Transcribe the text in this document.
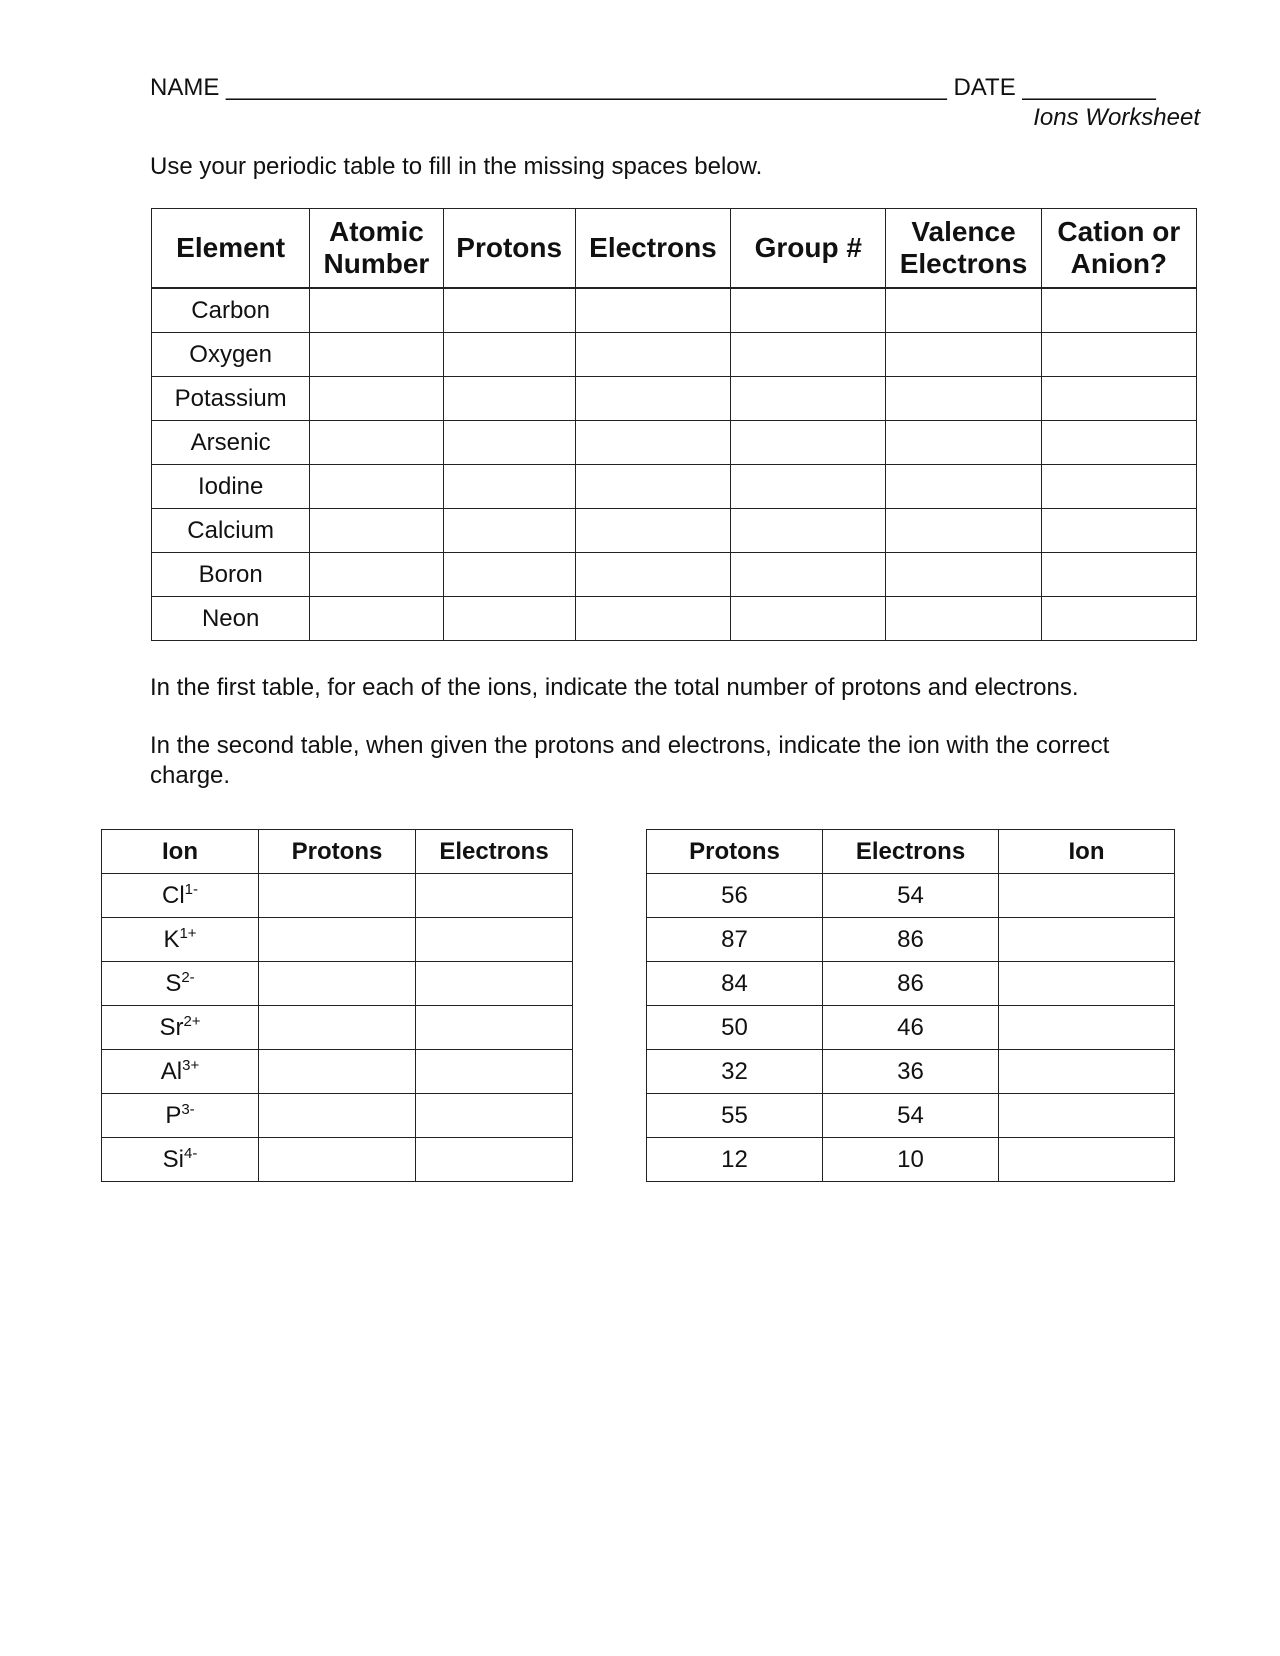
NAME ______________________________________________________ DATE __________
Ions Worksheet
Use your periodic table to fill in the missing spaces below.
Element	Atomic Number	Protons	Electrons	Group #	Valence Electrons	Cation or Anion?
Carbon						
Oxygen						
Potassium						
Arsenic						
Iodine						
Calcium						
Boron						
Neon						
In the first table, for each of the ions, indicate the total number of protons and electrons.
In the second table, when given the protons and electrons, indicate the ion with the correct charge.
Ion	Protons	Electrons
$Cl^{1-}$		
$K^{1+}$		
$S^{2-}$		
$Sr^{2+}$		
$Al^{3+}$		
$P^{3-}$		
$Si^{4-}$		
Protons	Electrons	Ion
56	54	
87	86	
84	86	
50	46	
32	36	
55	54	
12	10	
